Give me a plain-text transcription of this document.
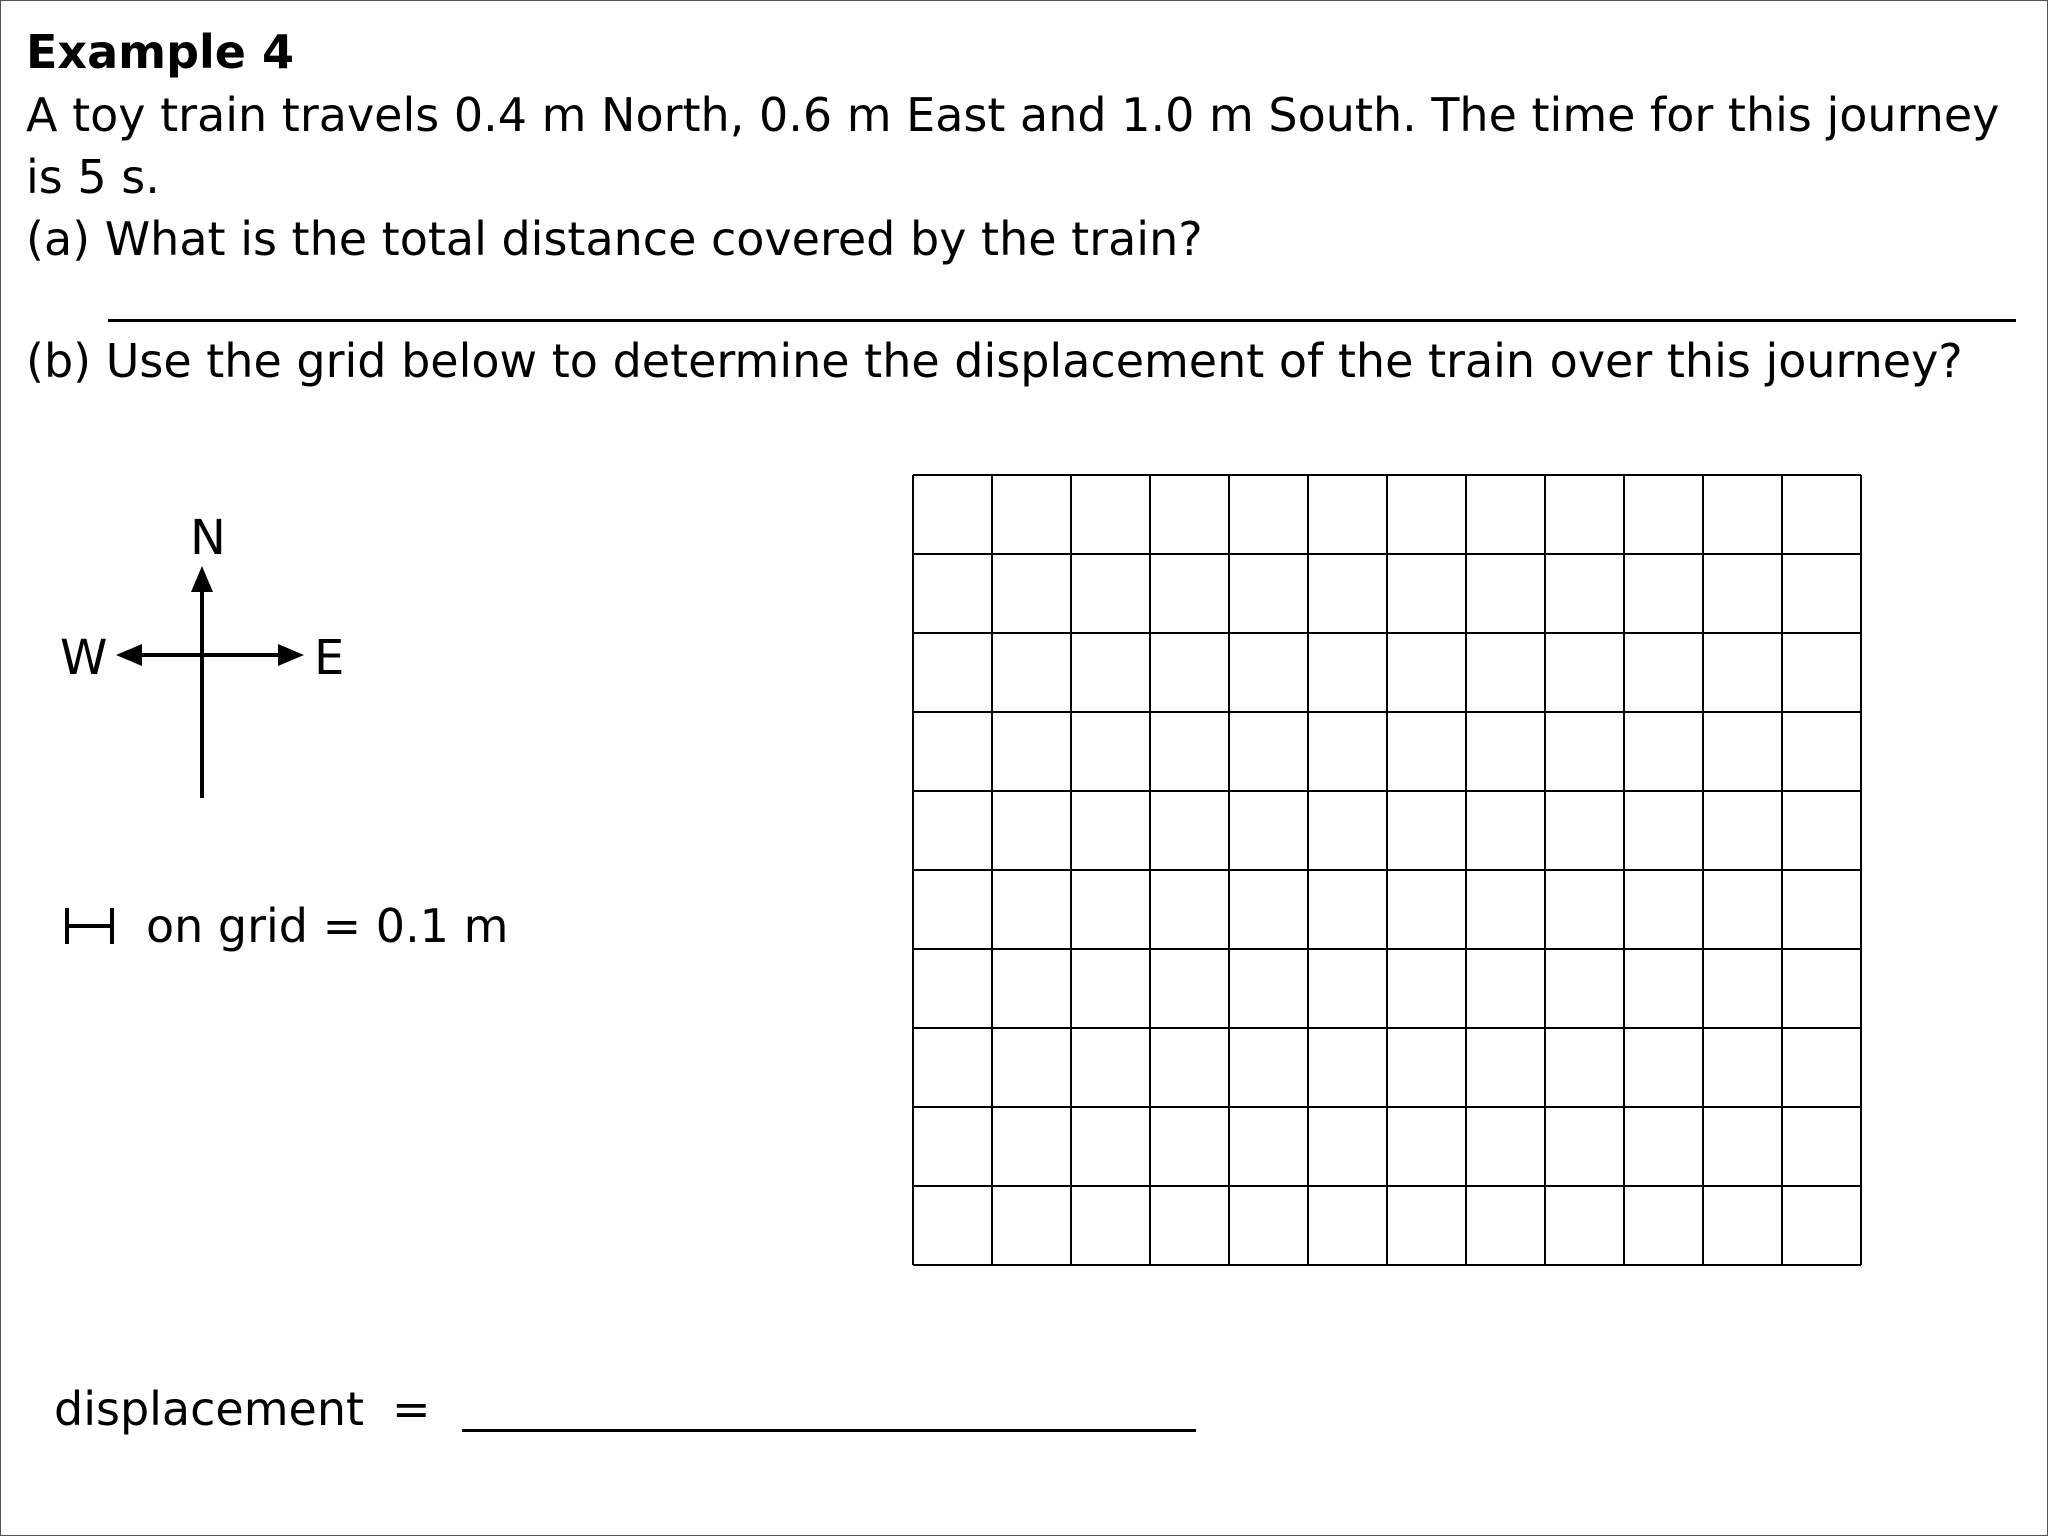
Example 4
A toy train travels 0.4 m North, 0.6 m East and 1.0 m South. The time for this journey
is 5 s.
(a) What is the total distance covered by the train?
(b) Use the grid below to determine the displacement of the train over this journey?
N
W	E
on grid = 0.1 m
displacement =
